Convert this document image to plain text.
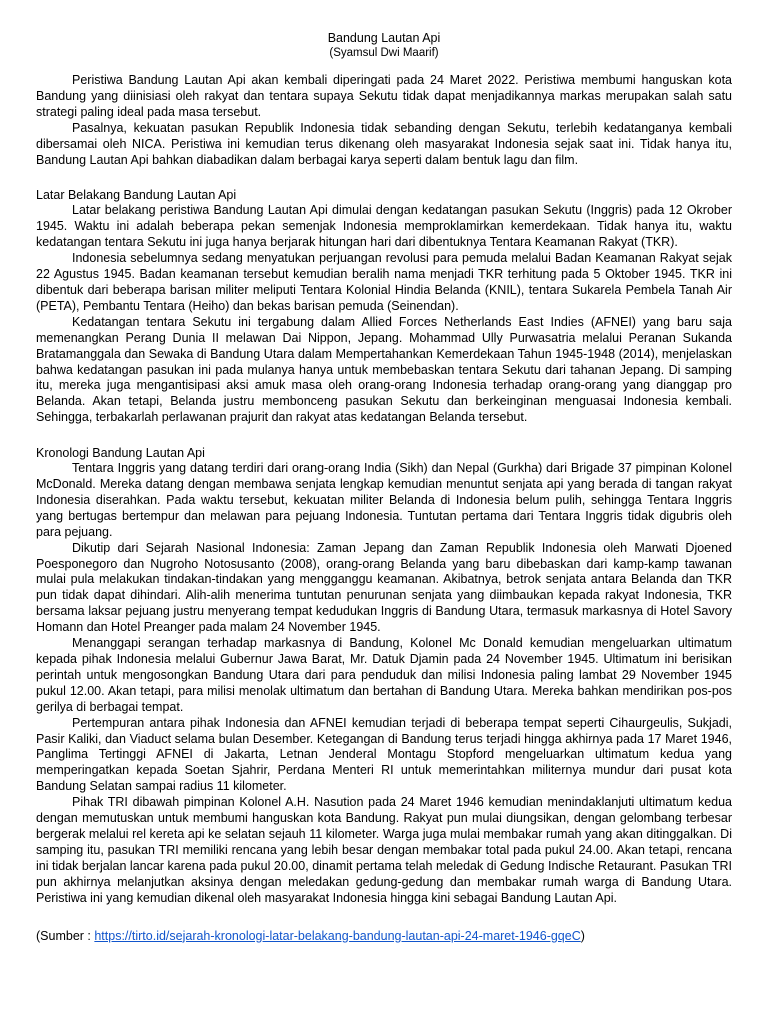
Bandung Lautan Api
(Syamsul Dwi Maarif)

Peristiwa Bandung Lautan Api akan kembali diperingati pada 24 Maret 2022. Peristiwa membumi hanguskan kota Bandung yang diinisiasi oleh rakyat dan tentara supaya Sekutu tidak dapat menjadikannya markas merupakan salah satu strategi paling ideal pada masa tersebut.

Pasalnya, kekuatan pasukan Republik Indonesia tidak sebanding dengan Sekutu, terlebih kedatanganya kembali dibersamai oleh NICA. Peristiwa ini kemudian terus dikenang oleh masyarakat Indonesia sejak saat ini. Tidak hanya itu, Bandung Lautan Api bahkan diabadikan dalam berbagai karya seperti dalam bentuk lagu dan film.

Latar Belakang Bandung Lautan Api

Latar belakang peristiwa Bandung Lautan Api dimulai dengan kedatangan pasukan Sekutu (Inggris) pada 12 Okrober 1945. Waktu ini adalah beberapa pekan semenjak Indonesia memproklamirkan kemerdekaan. Tidak hanya itu, waktu kedatangan tentara Sekutu ini juga hanya berjarak hitungan hari dari dibentuknya Tentara Keamanan Rakyat (TKR).

Indonesia sebelumnya sedang menyatukan perjuangan revolusi para pemuda melalui Badan Keamanan Rakyat sejak 22 Agustus 1945. Badan keamanan tersebut kemudian beralih nama menjadi TKR terhitung pada 5 Oktober 1945. TKR ini dibentuk dari beberapa barisan militer meliputi Tentara Kolonial Hindia Belanda (KNIL), tentara Sukarela Pembela Tanah Air (PETA), Pembantu Tentara (Heiho) dan bekas barisan pemuda (Seinendan).

Kedatangan tentara Sekutu ini tergabung dalam Allied Forces Netherlands East Indies (AFNEI) yang baru saja memenangkan Perang Dunia II melawan Dai Nippon, Jepang. Mohammad Ully Purwasatria melalui Peranan Sukanda Bratamanggala dan Sewaka di Bandung Utara dalam Mempertahankan Kemerdekaan Tahun 1945-1948 (2014), menjelaskan bahwa kedatangan pasukan ini pada mulanya hanya untuk membebaskan tentara Sekutu dari tahanan Jepang. Di samping itu, mereka juga mengantisipasi aksi amuk masa oleh orang-orang Indonesia terhadap orang-orang yang dianggap pro Belanda. Akan tetapi, Belanda justru membonceng pasukan Sekutu dan berkeinginan menguasai Indonesia kembali. Sehingga, terbakarlah perlawanan prajurit dan rakyat atas kedatangan Belanda tersebut.

Kronologi Bandung Lautan Api

Tentara Inggris yang datang terdiri dari orang-orang India (Sikh) dan Nepal (Gurkha) dari Brigade 37 pimpinan Kolonel McDonald. Mereka datang dengan membawa senjata lengkap kemudian menuntut senjata api yang berada di tangan rakyat Indonesia diserahkan. Pada waktu tersebut, kekuatan militer Belanda di Indonesia belum pulih, sehingga Tentara Inggris yang bertugas bertempur dan melawan para pejuang Indonesia. Tuntutan pertama dari Tentara Inggris tidak digubris oleh para pejuang.

Dikutip dari Sejarah Nasional Indonesia: Zaman Jepang dan Zaman Republik Indonesia oleh Marwati Djoened Poesponegoro dan Nugroho Notosusanto (2008), orang-orang Belanda yang baru dibebaskan dari kamp-kamp tawanan mulai pula melakukan tindakan-tindakan yang mengganggu keamanan. Akibatnya, betrok senjata antara Belanda dan TKR pun tidak dapat dihindari. Alih-alih menerima tuntutan penurunan senjata yang diimbaukan kepada rakyat Indonesia, TKR bersama laksar pejuang justru menyerang tempat kedudukan Inggris di Bandung Utara, termasuk markasnya di Hotel Savory Homann dan Hotel Preanger pada malam 24 November 1945.

Menanggapi serangan terhadap markasnya di Bandung, Kolonel Mc Donald kemudian mengeluarkan ultimatum kepada pihak Indonesia melalui Gubernur Jawa Barat, Mr. Datuk Djamin pada 24 November 1945. Ultimatum ini berisikan perintah untuk mengosongkan Bandung Utara dari para penduduk dan milisi Indonesia paling lambat 29 November 1945 pukul 12.00. Akan tetapi, para milisi menolak ultimatum dan bertahan di Bandung Utara. Mereka bahkan mendirikan pos-pos gerilya di berbagai tempat.

Pertempuran antara pihak Indonesia dan AFNEI kemudian terjadi di beberapa tempat seperti Cihaurgeulis, Sukjadi, Pasir Kaliki, dan Viaduct selama bulan Desember. Ketegangan di Bandung terus terjadi hingga akhirnya pada 17 Maret 1946, Panglima Tertinggi AFNEI di Jakarta, Letnan Jenderal Montagu Stopford mengeluarkan ultimatum kedua yang memperingatkan kepada Soetan Sjahrir, Perdana Menteri RI untuk memerintahkan militernya mundur dari pusat kota Bandung Selatan sampai radius 11 kilometer.

Pihak TRI dibawah pimpinan Kolonel A.H. Nasution pada 24 Maret 1946 kemudian menindaklanjuti ultimatum kedua dengan memutuskan untuk membumi hanguskan kota Bandung. Rakyat pun mulai diungsikan, dengan gelombang terbesar bergerak melalui rel kereta api ke selatan sejauh 11 kilometer. Warga juga mulai membakar rumah yang akan ditinggalkan. Di samping itu, pasukan TRI memiliki rencana yang lebih besar dengan membakar total pada pukul 24.00. Akan tetapi, rencana ini tidak berjalan lancar karena pada pukul 20.00, dinamit pertama telah meledak di Gedung Indische Retaurant. Pasukan TRI pun akhirnya melanjutkan aksinya dengan meledakan gedung-gedung dan membakar rumah warga di Bandung Utara. Peristiwa ini yang kemudian dikenal oleh masyarakat Indonesia hingga kini sebagai Bandung Lautan Api.

(Sumber : https://tirto.id/sejarah-kronologi-latar-belakang-bandung-lautan-api-24-maret-1946-gqeC)
